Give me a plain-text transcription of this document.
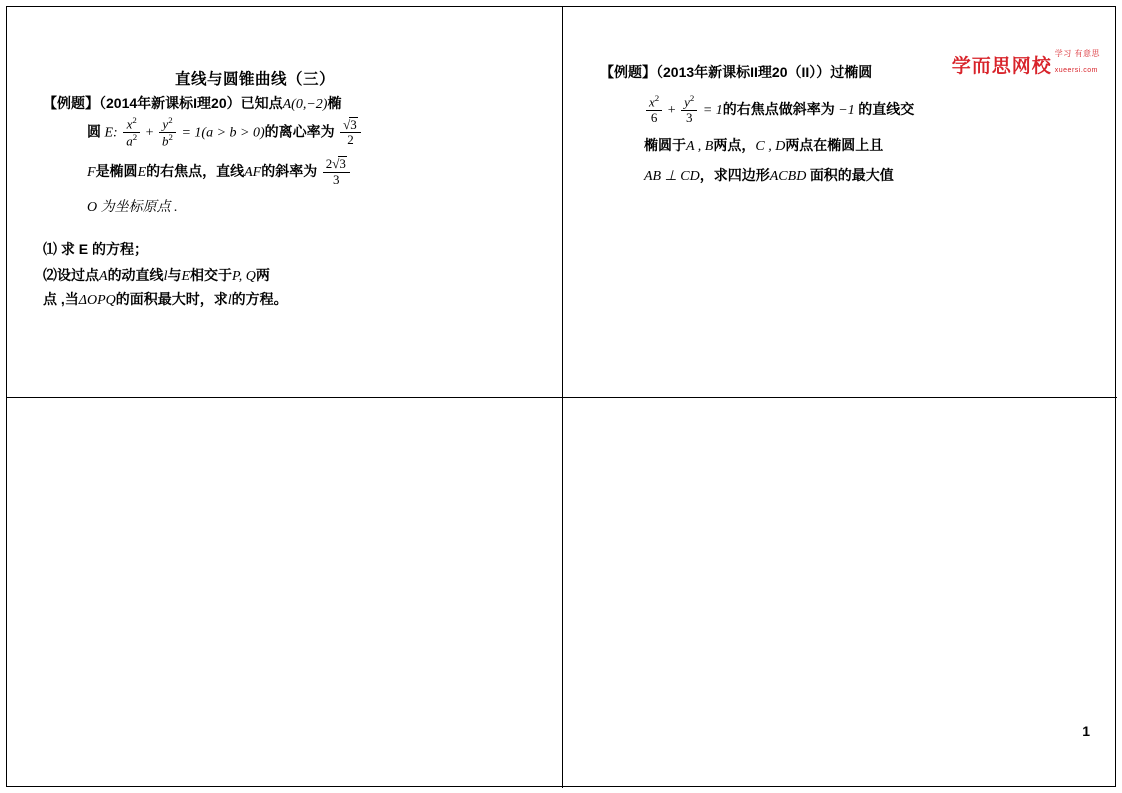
学而思网校学习 有意思
xueersi.com
直线与圆锥曲线（三）
【例题】（2014年新课标I理20）已知点A(0,−2)椭
圆 E: $\frac{x^2}{a^2} + \frac{y^2}{b^2} = 1(a > b > 0)$的离心率为 $\frac{√3}{2}$
F是椭圆E的右焦点，直线AF的斜率为 $\frac{2√3}{3}$
O 为坐标原点 .
⑴ 求 E 的方程；
⑵设过点A的动直线l与E相交于P, Q两
点 ,当ΔOPQ的面积最大时，求l的方程。
【例题】（2013年新课标II理20（II））过椭圆
$\frac{x^2}{6} + \frac{y^2}{3} = 1$的右焦点做斜率为 −1 的直线交
椭圆于A , B两点，C , D两点在椭圆上且
AB ⊥ CD，求四边形ACBD 面积的最大值
1
